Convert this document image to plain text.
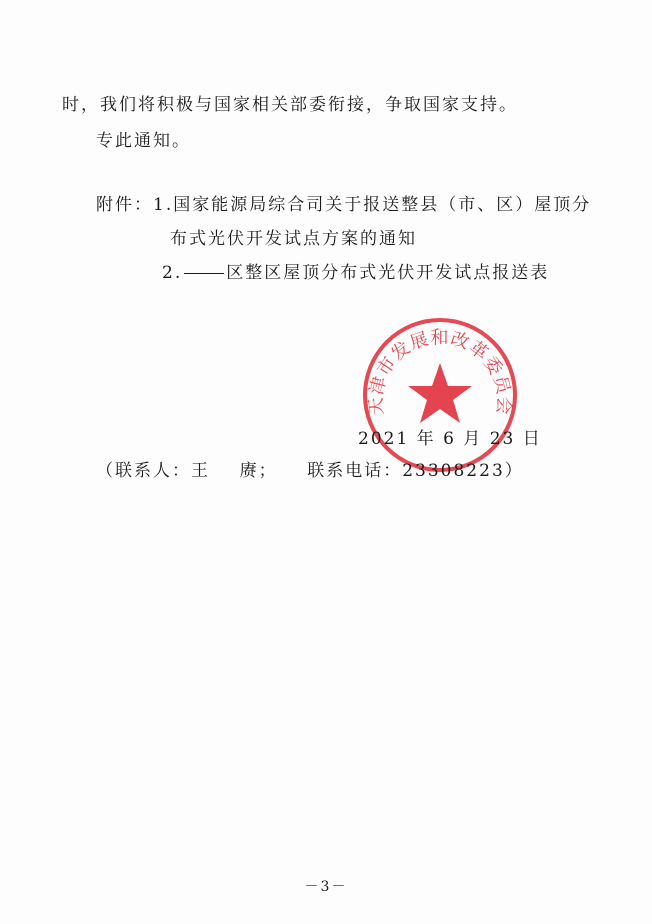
时，我们将积极与国家相关部委衔接，争取国家支持。
专此通知。
附件：1.国家能源局综合司关于报送整县（市、区）屋顶分
布式光伏开发试点方案的通知
2.	区整区屋顶分布式光伏开发试点报送表
天津市发展和改革委员会
2021 年 6 月 23 日
（联系人：王    赓；    联系电话：23308223）
－3－
